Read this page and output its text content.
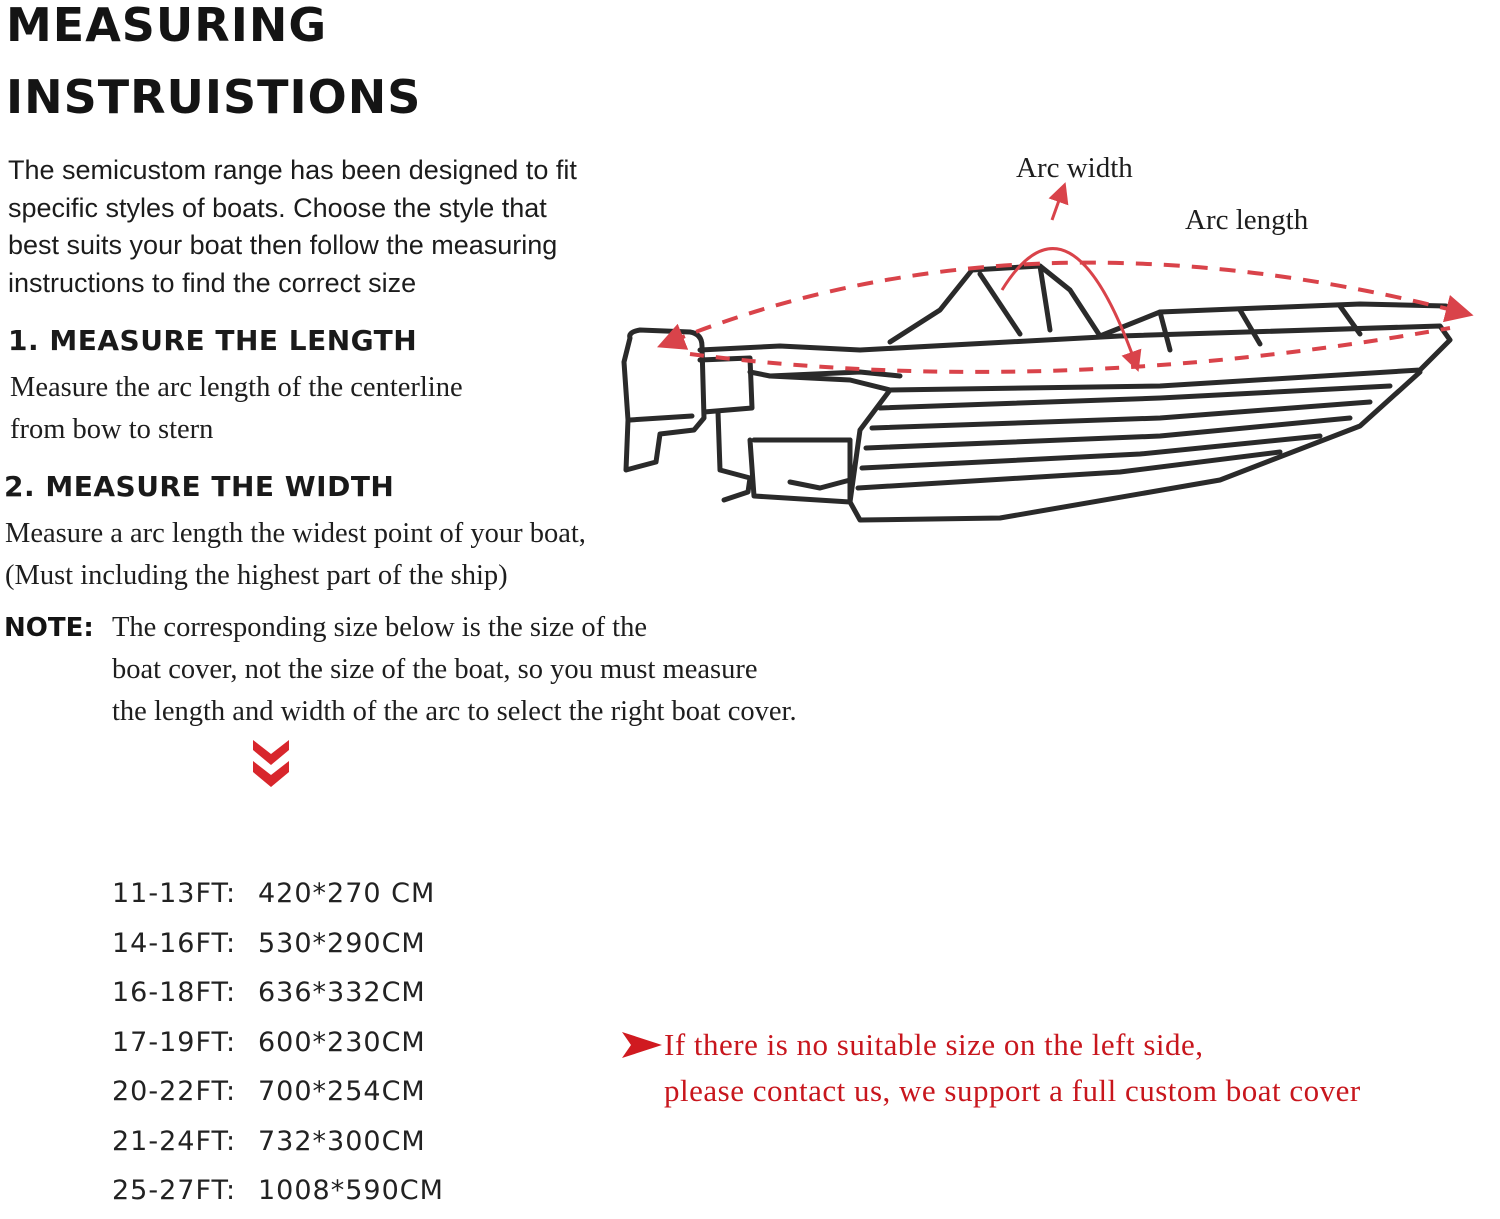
MEASURING
INSTRUISTIONS
The semicustom range has been designed to fit
specific styles of boats. Choose the style that
best suits your boat then follow the measuring
instructions to find the correct size
1. MEASURE THE LENGTH
Measure the arc length of the centerline
from bow to stern
2. MEASURE THE WIDTH
Measure a arc length the widest point of your boat,
(Must including the highest part of the ship)
NOTE: The corresponding size below is the size of the
boat cover, not the size of the boat, so you must measure
the length and width of the arc to select the right boat cover.
11-13FT: 420*270 CM
14-16FT: 530*290CM
16-18FT: 636*332CM
17-19FT: 600*230CM
20-22FT: 700*254CM
21-24FT: 732*300CM
25-27FT: 1008*590CM
If there is no suitable size on the left side,
please contact us, we support a full custom boat cover
Arc width
Arc length
